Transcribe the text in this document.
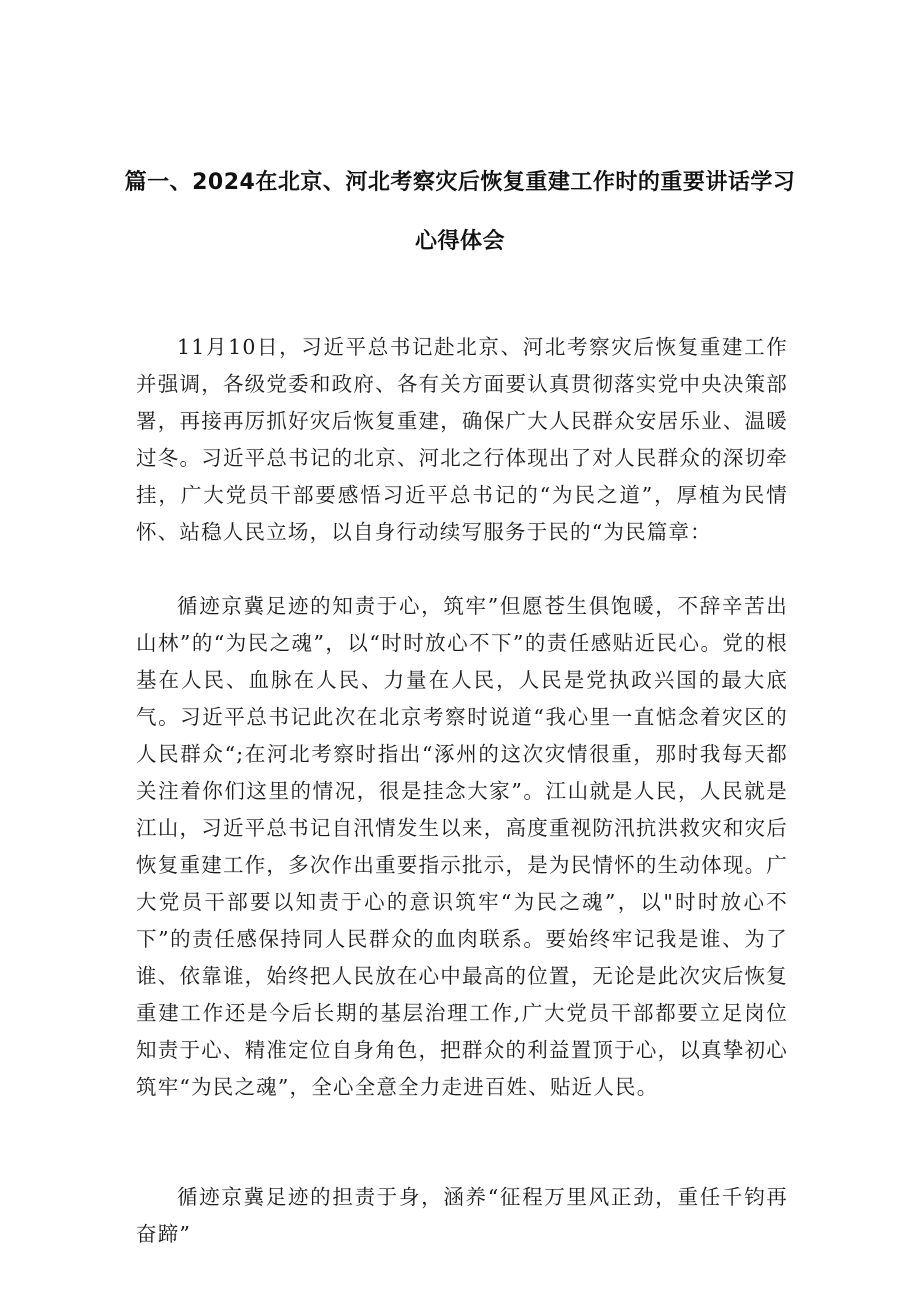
篇一、2024在北京、河北考察灾后恢复重建工作时的重要讲话学习
心得体会

11月10日，习近平总书记赴北京、河北考察灾后恢复重建工作并强调，各级党委和政府、各有关方面要认真贯彻落实党中央决策部署，再接再厉抓好灾后恢复重建，确保广大人民群众安居乐业、温暖过冬。习近平总书记的北京、河北之行体现出了对人民群众的深切牵挂，广大党员干部要感悟习近平总书记的“为民之道”，厚植为民情怀、站稳人民立场，以自身行动续写服务于民的“为民篇章：

循迹京冀足迹的知责于心，筑牢”但愿苍生俱饱暖，不辞辛苦出山林”的“为民之魂”，以“时时放心不下”的责任感贴近民心。党的根基在人民、血脉在人民、力量在人民，人民是党执政兴国的最大底气。习近平总书记此次在北京考察时说道“我心里一直惦念着灾区的人民群众“;在河北考察时指出“涿州的这次灾情很重，那时我每天都关注着你们这里的情况，很是挂念大家”。江山就是人民，人民就是江山，习近平总书记自汛情发生以来，高度重视防汛抗洪救灾和灾后恢复重建工作，多次作出重要指示批示，是为民情怀的生动体现。广大党员干部要以知责于心的意识筑牢“为民之魂”，以"时时放心不下”的责任感保持同人民群众的血肉联系。要始终牢记我是谁、为了谁、依靠谁，始终把人民放在心中最高的位置，无论是此次灾后恢复重建工作还是今后长期的基层治理工作,广大党员干部都要立足岗位知责于心、精准定位自身角色，把群众的利益置顶于心，以真挚初心筑牢“为民之魂”，全心全意全力走进百姓、贴近人民。

循迹京冀足迹的担责于身，涵养“征程万里风正劲，重任千钧再奋蹄”
